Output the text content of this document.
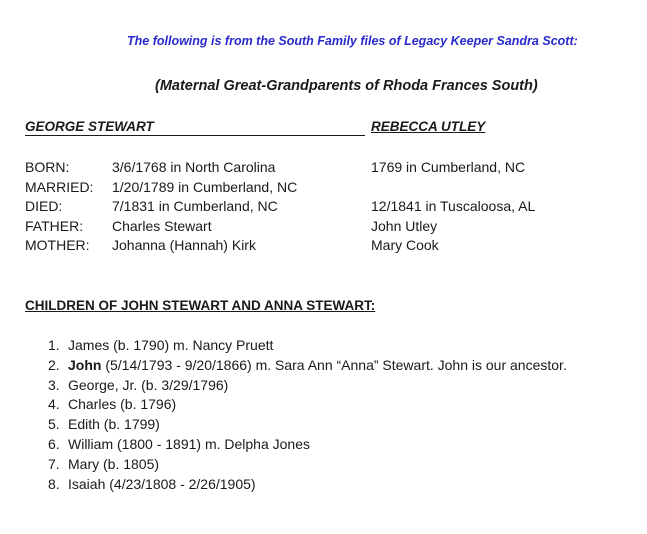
The following is from the South Family files of Legacy Keeper Sandra Scott:
(Maternal Great-Grandparents of Rhoda Frances South)
GEORGE STEWART	REBECCA UTLEY
BORN:
MARRIED:
DIED:
FATHER:
MOTHER:
3/6/1768 in North Carolina
1/20/1789 in Cumberland, NC
7/1831 in Cumberland, NC
Charles Stewart
Johanna (Hannah) Kirk
1769 in Cumberland, NC
12/1841 in Tuscaloosa, AL
John Utley
Mary Cook
CHILDREN OF JOHN STEWART AND ANNA STEWART:
1. James (b. 1790) m. Nancy Pruett
2. John (5/14/1793 - 9/20/1866) m. Sara Ann “Anna” Stewart. John is our ancestor.
3. George, Jr. (b. 3/29/1796)
4. Charles (b. 1796)
5. Edith (b. 1799)
6. William (1800 - 1891) m. Delpha Jones
7. Mary (b. 1805)
8. Isaiah (4/23/1808 - 2/26/1905)
